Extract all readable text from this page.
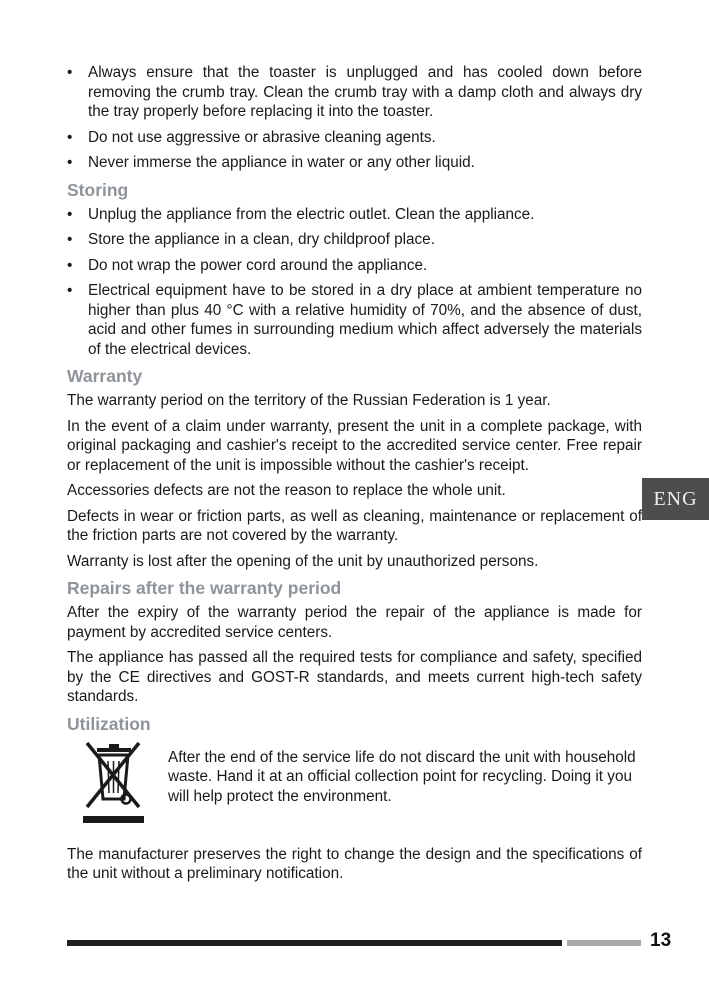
• Always ensure that the toaster is unplugged and has cooled down before removing the crumb tray. Clean the crumb tray with a damp cloth and always dry the tray properly before replacing it into the toaster.
• Do not use aggressive or abrasive cleaning agents.
• Never immerse the appliance in water or any other liquid.
Storing
• Unplug the appliance from the electric outlet. Clean the appliance.
• Store the appliance in a clean, dry childproof place.
• Do not wrap the power cord around the appliance.
• Electrical equipment have to be stored in a dry place at ambient temperature no higher than plus 40 °C with a relative humidity of 70%, and the absence of dust, acid and other fumes in surrounding medium which affect adversely the materials of the electrical devices.
Warranty

The warranty period on the territory of the Russian Federation is 1 year.

In the event of a claim under warranty, present the unit in a complete package, with original packaging and cashier's receipt to the accredited service center. Free repair or replacement of the unit is impossible without the cashier's receipt.

Accessories defects are not the reason to replace the whole unit.

Defects in wear or friction parts, as well as cleaning, maintenance or replacement of the friction parts are not covered by the warranty.

Warranty is lost after the opening of the unit by unauthorized persons.

Repairs after the warranty period

After the expiry of the warranty period the repair of the appliance is made for payment by accredited service centers.

The appliance has passed all the required tests for compliance and safety, specified by the CE directives and GOST-R standards, and meets current high-tech safety standards.

Utilization
After the end of the service life do not discard the unit with household waste. Hand it at an official collection point for recycling. Doing it you will help protect the environment.

The manufacturer preserves the right to change the design and the specifications of the unit without a preliminary notification.

ENG
13
